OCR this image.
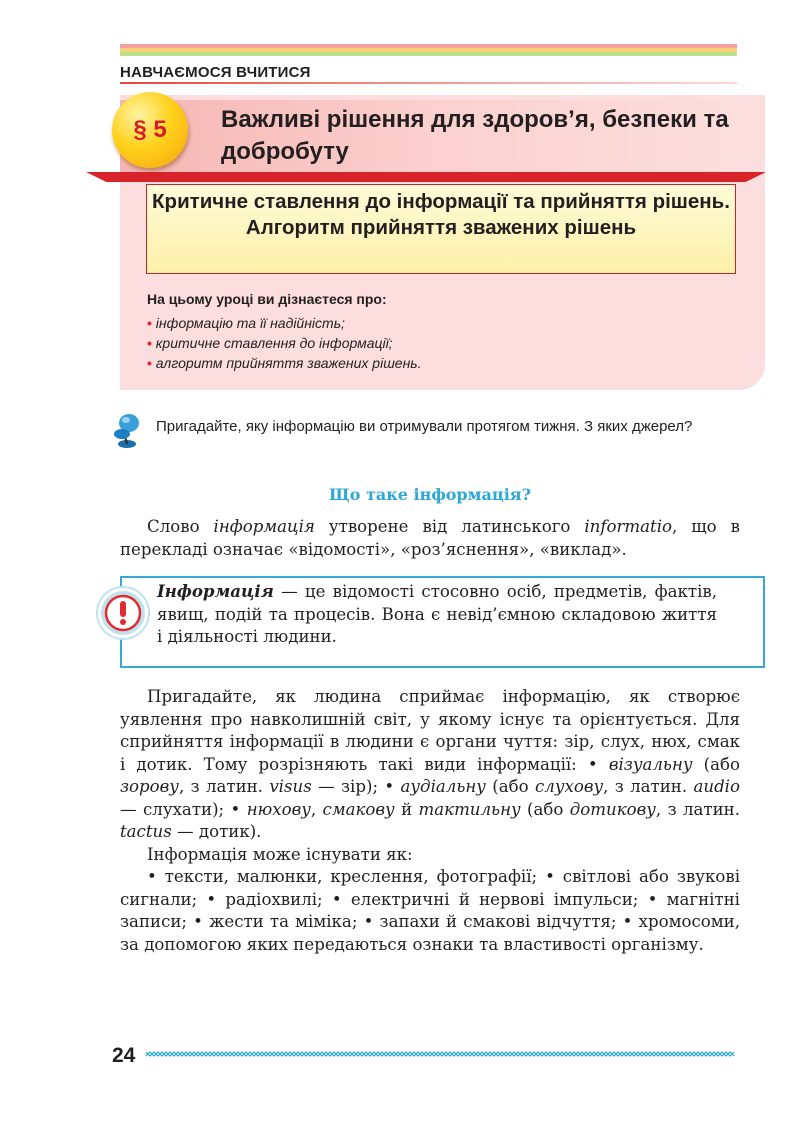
НАВЧАЄМОСЯ ВЧИТИСЯ
§ 5 Важливі рішення для здоров’я, безпеки та добробуту
Критичне ставлення до інформації та прийняття рішень. Алгоритм прийняття зважених рішень
На цьому уроці ви дізнаєтеся про:
• інформацію та її надійність;
• критичне ставлення до інформації;
• алгоритм прийняття зважених рішень.
Пригадайте, яку інформацію ви отримували протягом тижня. З яких джерел?
Що таке інформація?
Слово інформація утворене від латинського informatio, що в перекладі означає «відомості», «роз’яснення», «виклад».
Інформація — це відомості стосовно осіб, предметів, фактів, явищ, подій та процесів. Вона є невід’ємною складовою життя і діяльності людини.
Пригадайте, як людина сприймає інформацію, як створює уявлення про навколишній світ, у якому існує та орієнтується. Для сприйняття інформації в людини є органи чуття: зір, слух, нюх, смак і дотик. Тому розрізняють такі види інформації: • візуальну (або зорову, з латин. visus — зір); • аудіальну (або слухову, з латин. audio — слухати); • нюхову, смакову й тактильну (або дотикову, з латин. tactus — дотик).
Інформація може існувати як:
• тексти, малюнки, креслення, фотографії; • світлові або звукові сигнали; • радіохвилі; • електричні й нервові імпульси; • магнітні записи; • жести та міміка; • запахи й смакові відчуття; • хромосоми, за допомогою яких передаються ознаки та властивості організму.
24
